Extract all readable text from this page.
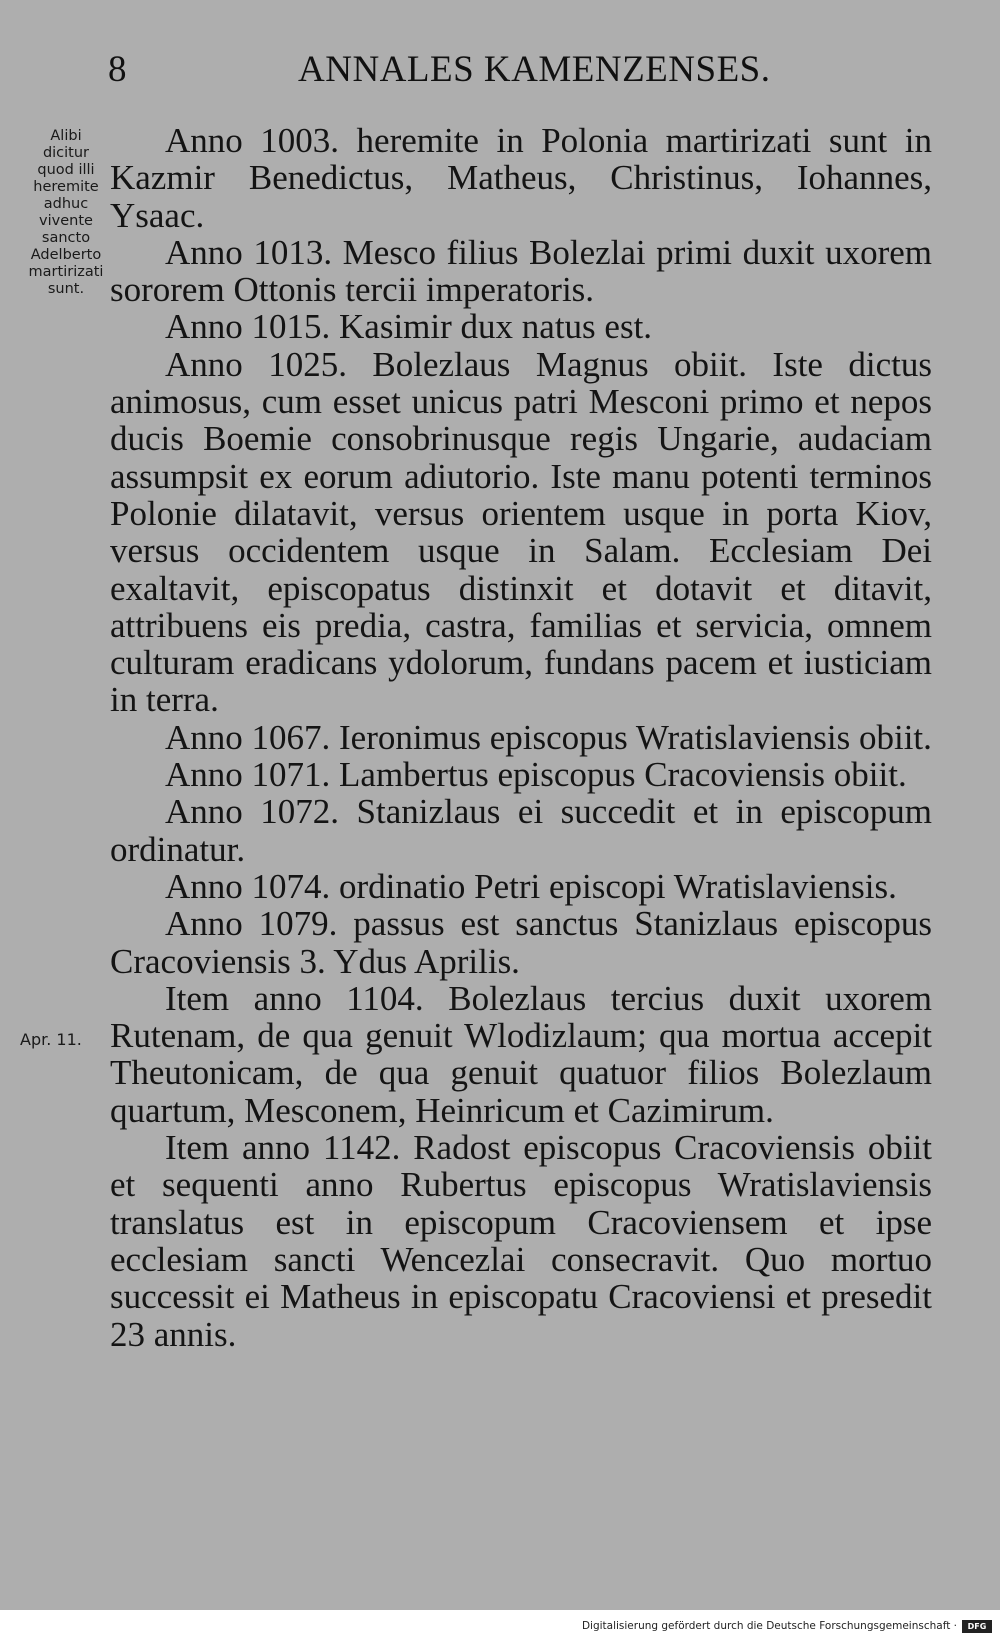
8	ANNALES KAMENZENSES.
Alibi dicitur quod illi heremite adhuc vivente sancto Adelberto martirizati sunt.
Apr. 11.

Anno 1003. heremite in Polonia martirizati sunt in Kazmir Benedictus, Matheus, Christinus, Iohannes, Ysaac.

Anno 1013. Mesco filius Bolezlai primi duxit uxorem sororem Ottonis tercii imperatoris.

Anno 1015. Kasimir dux natus est.

Anno 1025. Bolezlaus Magnus obiit. Iste dictus animosus, cum esset unicus patri Mesconi primo et nepos ducis Boemie consobrinusque regis Ungarie, audaciam assumpsit ex eorum adiutorio. Iste manu potenti terminos Polonie dilatavit, versus orientem usque in porta Kiov, versus occidentem usque in Salam. Ecclesiam Dei exaltavit, episcopatus distinxit et dotavit et ditavit, attribuens eis predia, castra, familias et servicia, omnem culturam eradicans ydolorum, fundans pacem et iusticiam in terra.

Anno 1067. Ieronimus episcopus Wratislaviensis obiit.

Anno 1071. Lambertus episcopus Cracoviensis obiit.

Anno 1072. Stanizlaus ei succedit et in episcopum ordinatur.

Anno 1074. ordinatio Petri episcopi Wratislaviensis.

Anno 1079. passus est sanctus Stanizlaus episcopus Cracoviensis 3. Ydus Aprilis.

Item anno 1104. Bolezlaus tercius duxit uxorem Rutenam, de qua genuit Wlodizlaum; qua mortua accepit Theutonicam, de qua genuit quatuor filios Bolezlaum quartum, Mesconem, Heinricum et Cazimirum.

Item anno 1142. Radost episcopus Cracoviensis obiit et sequenti anno Rubertus episcopus Wratislaviensis translatus est in episcopum Cracoviensem et ipse ecclesiam sancti Wencezlai consecravit. Quo mortuo successit ei Matheus in episcopatu Cracoviensi et presedit 23 annis.

Digitalisierung gefördert durch die Deutsche Forschungsgemeinschaft ·	DFG
